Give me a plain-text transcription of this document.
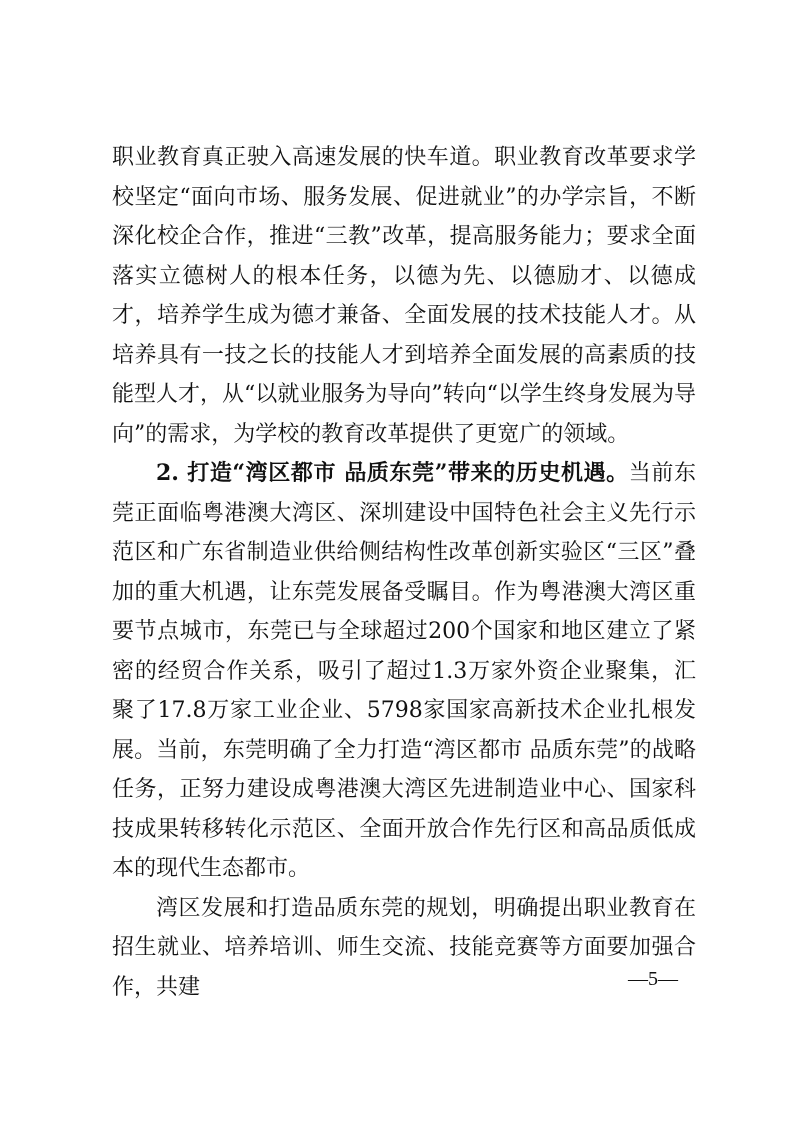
职业教育真正驶入高速发展的快车道。职业教育改革要求学校坚定“面向市场、服务发展、促进就业”的办学宗旨，不断深化校企合作，推进“三教”改革，提高服务能力；要求全面落实立德树人的根本任务，以德为先、以德励才、以德成才，培养学生成为德才兼备、全面发展的技术技能人才。从培养具有一技之长的技能人才到培养全面发展的高素质的技能型人才，从“以就业服务为导向”转向“以学生终身发展为导向”的需求，为学校的教育改革提供了更宽广的领域。

2. 打造“湾区都市 品质东莞”带来的历史机遇。当前东莞正面临粤港澳大湾区、深圳建设中国特色社会主义先行示范区和广东省制造业供给侧结构性改革创新实验区“三区”叠加的重大机遇，让东莞发展备受瞩目。作为粤港澳大湾区重要节点城市，东莞已与全球超过200个国家和地区建立了紧密的经贸合作关系，吸引了超过1.3万家外资企业聚集，汇聚了17.8万家工业企业、5798家国家高新技术企业扎根发展。当前，东莞明确了全力打造“湾区都市 品质东莞”的战略任务，正努力建设成粤港澳大湾区先进制造业中心、国家科技成果转移转化示范区、全面开放合作先行区和高品质低成本的现代生态都市。

湾区发展和打造品质东莞的规划，明确提出职业教育在招生就业、培养培训、师生交流、技能竞赛等方面要加强合作，共建	—5—
